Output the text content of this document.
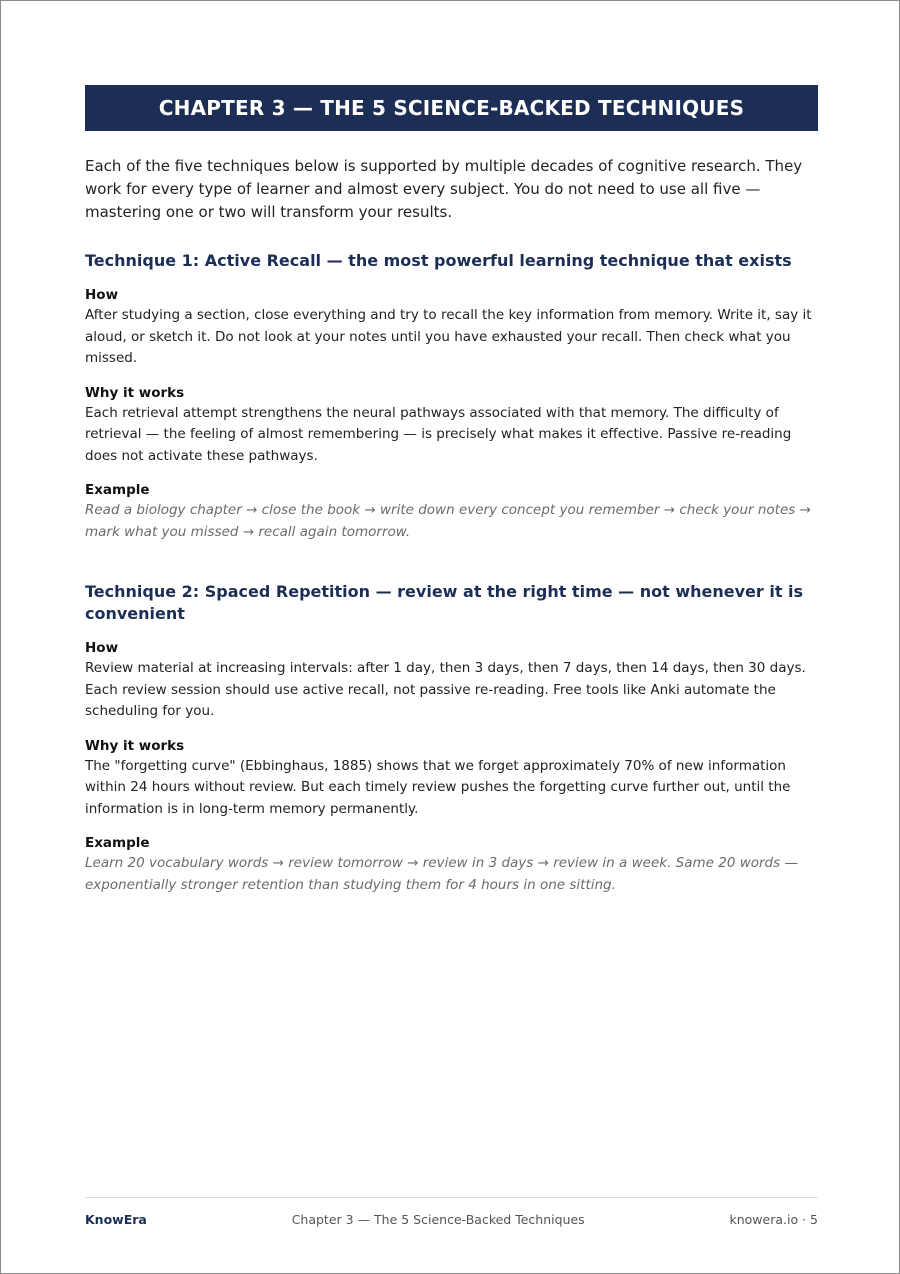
CHAPTER 3 — THE 5 SCIENCE-BACKED TECHNIQUES

Each of the five techniques below is supported by multiple decades of cognitive research. They work for every type of learner and almost every subject. You do not need to use all five — mastering one or two will transform your results.

Technique 1: Active Recall — the most powerful learning technique that exists
How
After studying a section, close everything and try to recall the key information from memory. Write it, say it aloud, or sketch it. Do not look at your notes until you have exhausted your recall. Then check what you missed.
Why it works
Each retrieval attempt strengthens the neural pathways associated with that memory. The difficulty of retrieval — the feeling of almost remembering — is precisely what makes it effective. Passive re-reading does not activate these pathways.
Example
Read a biology chapter → close the book → write down every concept you remember → check your notes → mark what you missed → recall again tomorrow.
Technique 2: Spaced Repetition — review at the right time — not whenever it is convenient
How
Review material at increasing intervals: after 1 day, then 3 days, then 7 days, then 14 days, then 30 days. Each review session should use active recall, not passive re-reading. Free tools like Anki automate the scheduling for you.
Why it works
The "forgetting curve" (Ebbinghaus, 1885) shows that we forget approximately 70% of new information within 24 hours without review. But each timely review pushes the forgetting curve further out, until the information is in long-term memory permanently.
Example
Learn 20 vocabulary words → review tomorrow → review in 3 days → review in a week. Same 20 words — exponentially stronger retention than studying them for 4 hours in one sitting.
KnowEra	Chapter 3 — The 5 Science-Backed Techniques	knowera.io · 5
